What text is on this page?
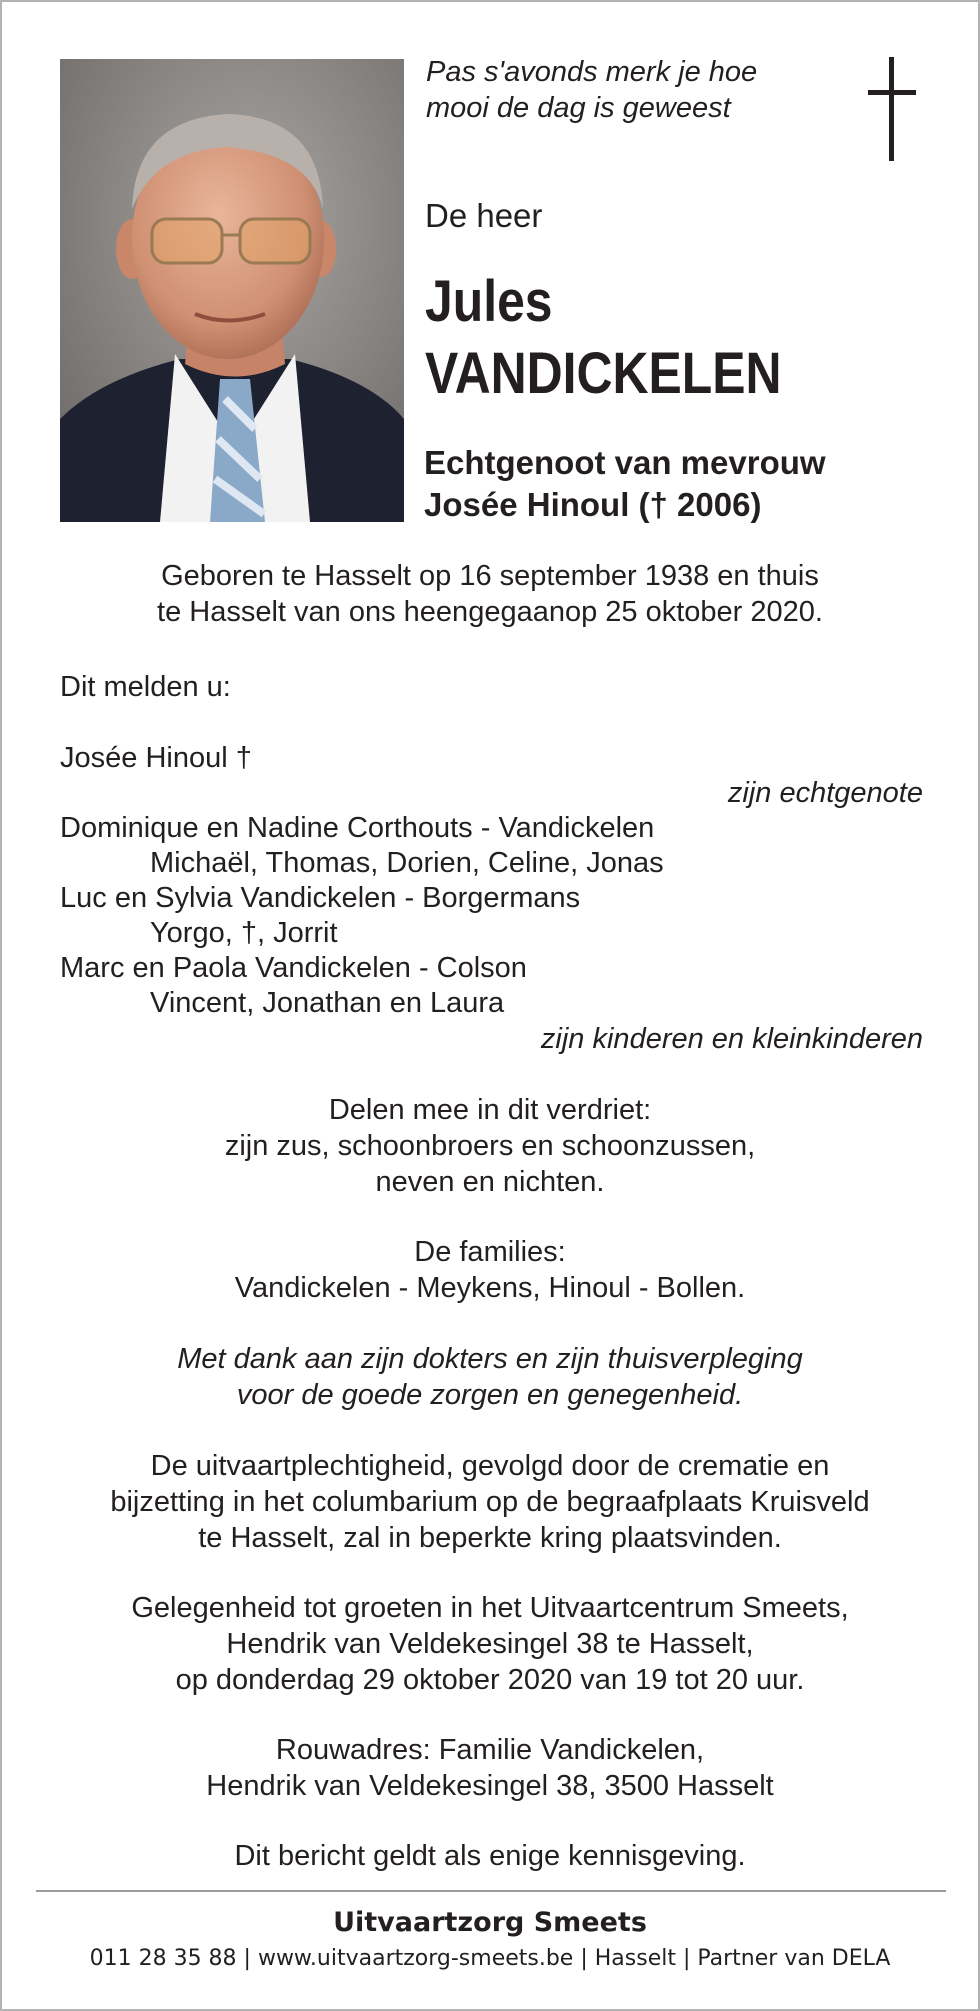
Pas s'avonds merk je hoe
mooi de dag is geweest
De heer
Jules
VANDICKELEN
Echtgenoot van mevrouw
Josée Hinoul († 2006)
Geboren te Hasselt op 16 september 1938 en thuis
te Hasselt van ons heengegaanop 25 oktober 2020.
Dit melden u:
Josée Hinoul †
zijn echtgenote
Dominique en Nadine Corthouts - Vandickelen
Michaël, Thomas, Dorien, Celine, Jonas
Luc en Sylvia Vandickelen - Borgermans
Yorgo, †, Jorrit
Marc en Paola Vandickelen - Colson
Vincent, Jonathan en Laura
zijn kinderen en kleinkinderen
Delen mee in dit verdriet:
zijn zus, schoonbroers en schoonzussen,
neven en nichten.
De families:
Vandickelen - Meykens, Hinoul - Bollen.
Met dank aan zijn dokters en zijn thuisverpleging
voor de goede zorgen en genegenheid.
De uitvaartplechtigheid, gevolgd door de crematie en
bijzetting in het columbarium op de begraafplaats Kruisveld
te Hasselt, zal in beperkte kring plaatsvinden.
Gelegenheid tot groeten in het Uitvaartcentrum Smeets,
Hendrik van Veldekesingel 38 te Hasselt,
op donderdag 29 oktober 2020 van 19 tot 20 uur.
Rouwadres: Familie Vandickelen,
Hendrik van Veldekesingel 38, 3500 Hasselt
Dit bericht geldt als enige kennisgeving.
Uitvaartzorg Smeets
011 28 35 88 | www.uitvaartzorg-smeets.be | Hasselt | Partner van DELA
